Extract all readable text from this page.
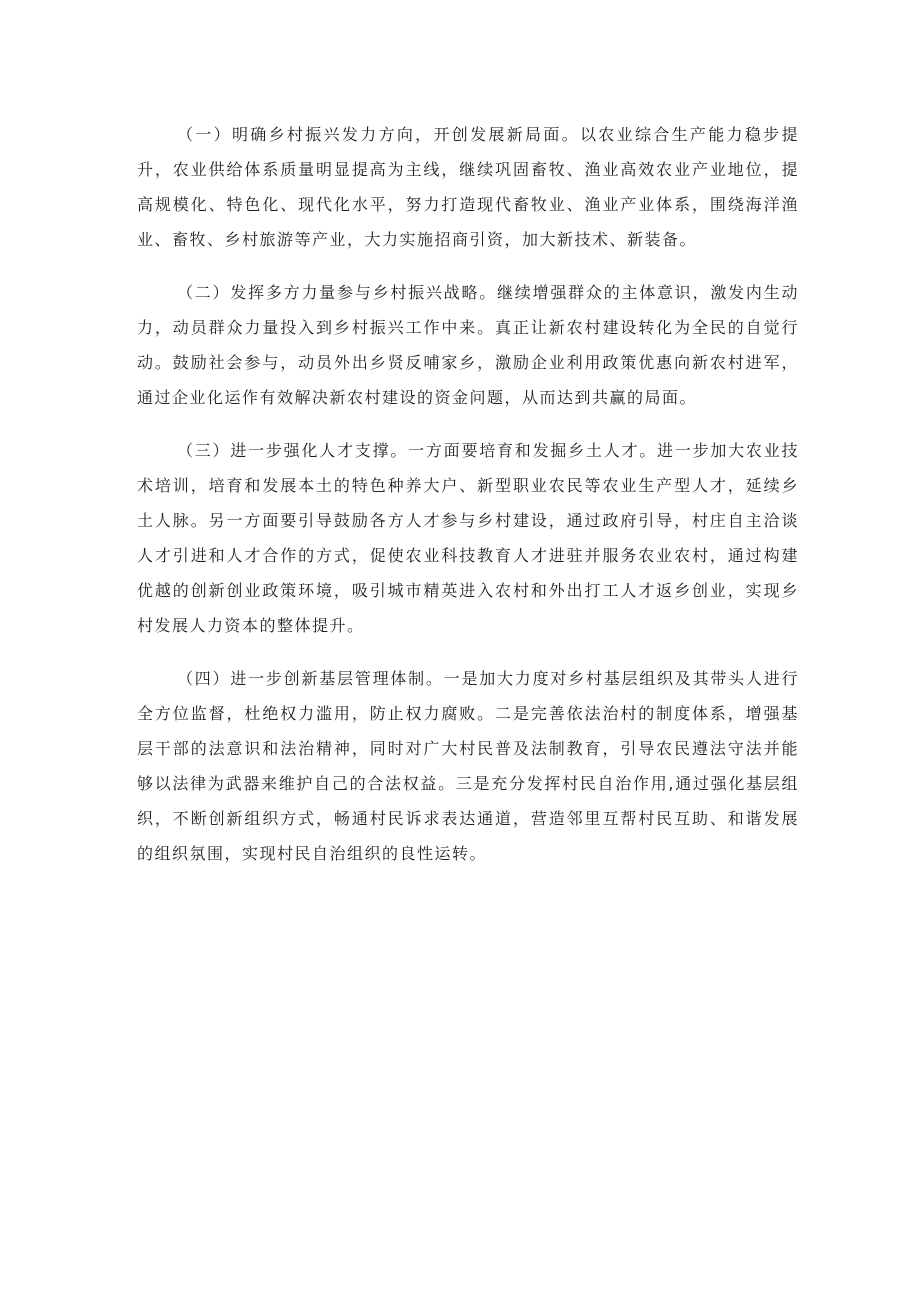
（一）明确乡村振兴发力方向，开创发展新局面。以农业综合生产能力稳步提升，农业供给体系质量明显提高为主线，继续巩固畜牧、渔业高效农业产业地位，提高规模化、特色化、现代化水平，努力打造现代畜牧业、渔业产业体系，围绕海洋渔业、畜牧、乡村旅游等产业，大力实施招商引资，加大新技术、新装备。

（二）发挥多方力量参与乡村振兴战略。继续增强群众的主体意识，激发内生动力，动员群众力量投入到乡村振兴工作中来。真正让新农村建设转化为全民的自觉行动。鼓励社会参与，动员外出乡贤反哺家乡，激励企业利用政策优惠向新农村进军，通过企业化运作有效解决新农村建设的资金问题，从而达到共赢的局面。

（三）进一步强化人才支撑。一方面要培育和发掘乡土人才。进一步加大农业技术培训，培育和发展本土的特色种养大户、新型职业农民等农业生产型人才，延续乡土人脉。另一方面要引导鼓励各方人才参与乡村建设，通过政府引导，村庄自主洽谈人才引进和人才合作的方式，促使农业科技教育人才进驻并服务农业农村，通过构建优越的创新创业政策环境，吸引城市精英进入农村和外出打工人才返乡创业，实现乡村发展人力资本的整体提升。

（四）进一步创新基层管理体制。一是加大力度对乡村基层组织及其带头人进行全方位监督，杜绝权力滥用，防止权力腐败。二是完善依法治村的制度体系，增强基层干部的法意识和法治精神，同时对广大村民普及法制教育，引导农民遵法守法并能够以法律为武器来维护自己的合法权益。三是充分发挥村民自治作用,通过强化基层组织，不断创新组织方式，畅通村民诉求表达通道，营造邻里互帮村民互助、和谐发展的组织氛围，实现村民自治组织的良性运转。
